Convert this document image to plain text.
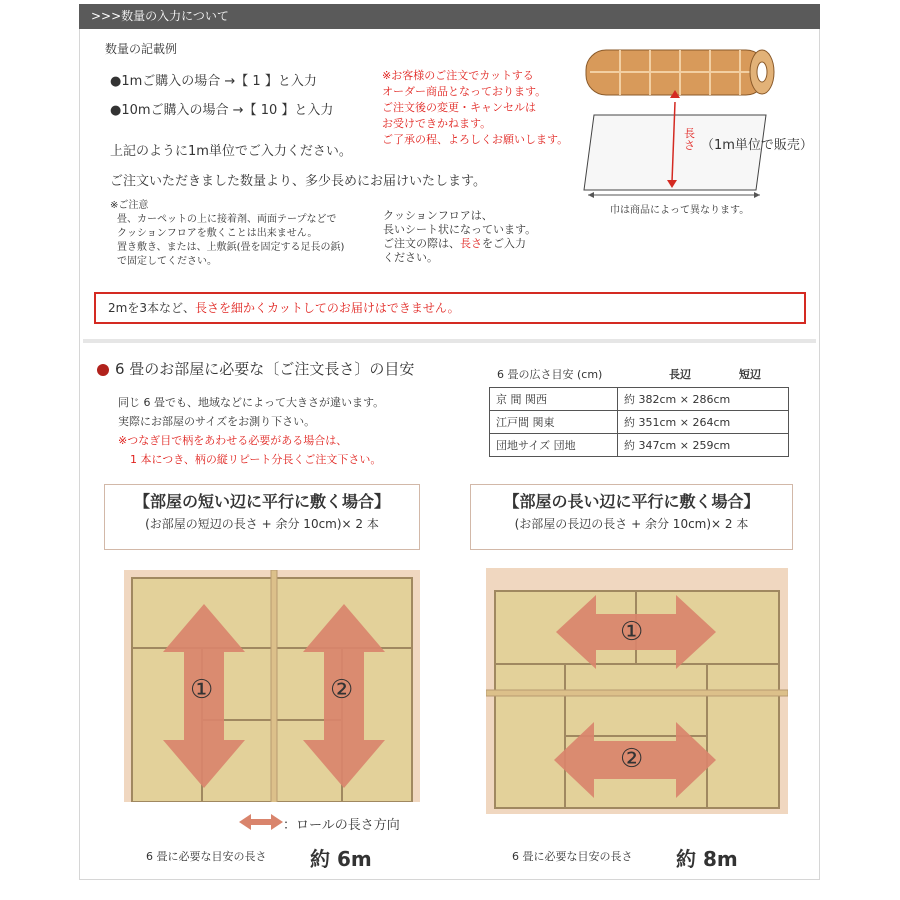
>>>数量の入力について
数量の記載例
●1mご購入の場合 →【 1 】と入力
●10mご購入の場合 →【 10 】と入力
上記のように1m単位でご入力ください。
ご注文いただきました数量より、多少長めにお届けいたします。
※お客様のご注文でカットする
オーダー商品となっております。
ご注文後の変更・キャンセルは
お受けできかねます。
ご了承の程、よろしくお願いします。	長さ （1m単位で販売）
巾は商品によって異なります。
※ご注意
畳、カーペットの上に接着剤、両面テープなどで
クッションフロアを敷くことは出来ません。
置き敷き、または、上敷鋲(畳を固定する足長の鋲)
で固定してください。
クッションフロアは、
長いシート状になっています。
ご注文の際は、長さをご入力
ください。
2mを3本など、長さを細かくカットしてのお届けはできません。
6 畳のお部屋に必要な〔ご注文長さ〕の目安
同じ 6 畳でも、地域などによって大きさが違います。
実際にお部屋のサイズをお測り下さい。
※つなぎ目で柄をあわせる必要がある場合は、
1 本につき、柄の縦リピート分長くご注文下さい。
6 畳の広さ目安 (cm)	長辺	短辺
京 間 関西	約 382cm × 286cm
江戸間 関東	約 351cm × 264cm
団地サイズ 団地	約 347cm × 259cm
【部屋の短い辺に平行に敷く場合】
(お部屋の短辺の長さ + 余分 10cm)× 2 本
【部屋の長い辺に平行に敷く場合】
(お部屋の長辺の長さ + 余分 10cm)× 2 本
①	②
：ロールの長さ方向
①
②
6 畳に必要な目安の長さ 約 6m	6 畳に必要な目安の長さ 約 8m
